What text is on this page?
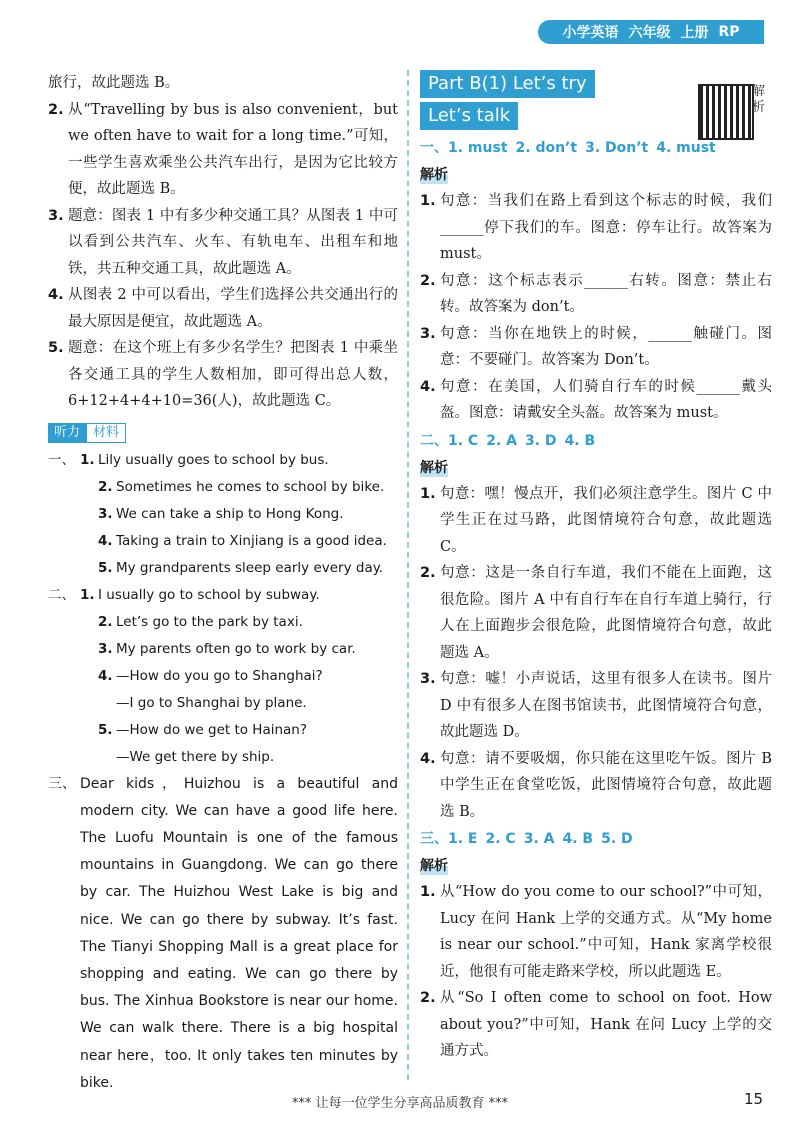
小学英语 六年级 上册 RP

旅行，故此题选 B。

2. 从“Travelling by bus is also convenient，but we often have to wait for a long time.”可知，一些学生喜欢乘坐公共汽车出行，是因为它比较方便，故此题选 B。
3. 题意：图表 1 中有多少种交通工具？从图表 1 中可以看到公共汽车、火车、有轨电车、出租车和地铁，共五种交通工具，故此题选 A。
4. 从图表 2 中可以看出，学生们选择公共交通出行的最大原因是便宜，故此题选 A。
5. 题意：在这个班上有多少名学生？把图表 1 中乘坐各交通工具的学生人数相加，即可得出总人数，6+12+4+4+10=36(人)，故此题选 C。
听力	材料
一、 1. Lily usually goes to school by bus.
2. Sometimes he comes to school by bike.
3. We can take a ship to Hong Kong.
4. Taking a train to Xinjiang is a good idea.
5. My grandparents sleep early every day.
二、 1. I usually go to school by subway.
2. Let’s go to the park by taxi.
3. My parents often go to work by car.
4. —How do you go to Shanghai?
—I go to Shanghai by plane.
5. —How do we get to Hainan?
—We get there by ship.
三、 Dear kids，Huizhou is a beautiful and modern city. We can have a good life here. The Luofu Mountain is one of the famous mountains in Guangdong. We can go there by car. The Huizhou West Lake is big and nice. We can go there by subway. It’s fast. The Tianyi Shopping Mall is a great place for shopping and eating. We can go there by bus. The Xinhua Bookstore is near our home. We can walk there. There is a big hospital near here，too. It only takes ten minutes by bike.
Part B(1) Let’s try
Let’s talk
一、1. must 2. don’t 3. Don’t 4. must
解析
1. 句意：当我们在路上看到这个标志的时候，我们______停下我们的车。图意：停车让行。故答案为 must。
2. 句意：这个标志表示______右转。图意：禁止右转。故答案为 don’t。
3. 句意：当你在地铁上的时候，______触碰门。图意：不要碰门。故答案为 Don’t。
4. 句意：在美国，人们骑自行车的时候______戴头盔。图意：请戴安全头盔。故答案为 must。
二、1. C 2. A 3. D 4. B
解析
1. 句意：嘿！慢点开，我们必须注意学生。图片 C 中学生正在过马路，此图情境符合句意，故此题选 C。
2. 句意：这是一条自行车道，我们不能在上面跑，这很危险。图片 A 中有自行车在自行车道上骑行，行人在上面跑步会很危险，此图情境符合句意，故此题选 A。
3. 句意：嘘！小声说话，这里有很多人在读书。图片 D 中有很多人在图书馆读书，此图情境符合句意，故此题选 D。
4. 句意：请不要吸烟，你只能在这里吃午饭。图片 B 中学生正在食堂吃饭，此图情境符合句意，故此题选 B。
三、1. E 2. C 3. A 4. B 5. D
解析
1. 从“How do you come to our school?”中可知，Lucy 在问 Hank 上学的交通方式。从“My home is near our school.”中可知，Hank 家离学校很近，他很有可能走路来学校，所以此题选 E。
2. 从“So I often come to school on foot. How about you?”中可知，Hank 在问 Lucy 上学的交通方式。
解析
*** 让每一位学生分享高品质教育 ***	15
